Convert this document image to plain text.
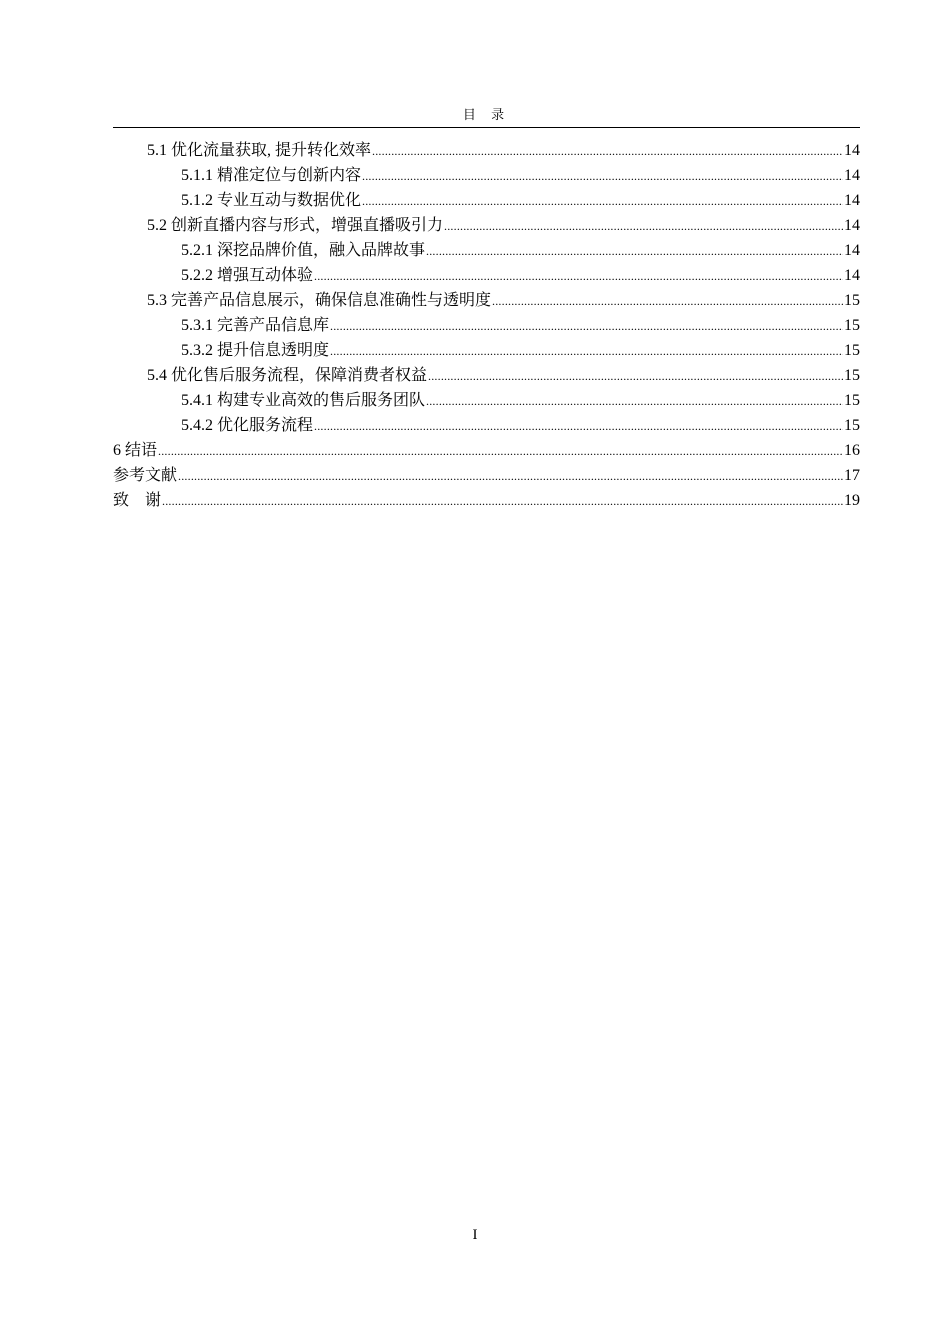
目 录
5.1 优化流量获取, 提升转化效率 .....	14
5.1.1 精准定位与创新内容 .....	14
5.1.2 专业互动与数据优化 .....	14
5.2 创新直播内容与形式，增强直播吸引力 .....	14
5.2.1 深挖品牌价值，融入品牌故事 .....	14
5.2.2 增强互动体验 .....	14
5.3 完善产品信息展示，确保信息准确性与透明度 .....	15
5.3.1 完善产品信息库 .....	15
5.3.2 提升信息透明度 .....	15
5.4 优化售后服务流程，保障消费者权益 .....	15
5.4.1 构建专业高效的售后服务团队 .....	15
5.4.2 优化服务流程 .....	15
6 结语 .....	16
参考文献 .....	17
致    谢 .....	19
I
